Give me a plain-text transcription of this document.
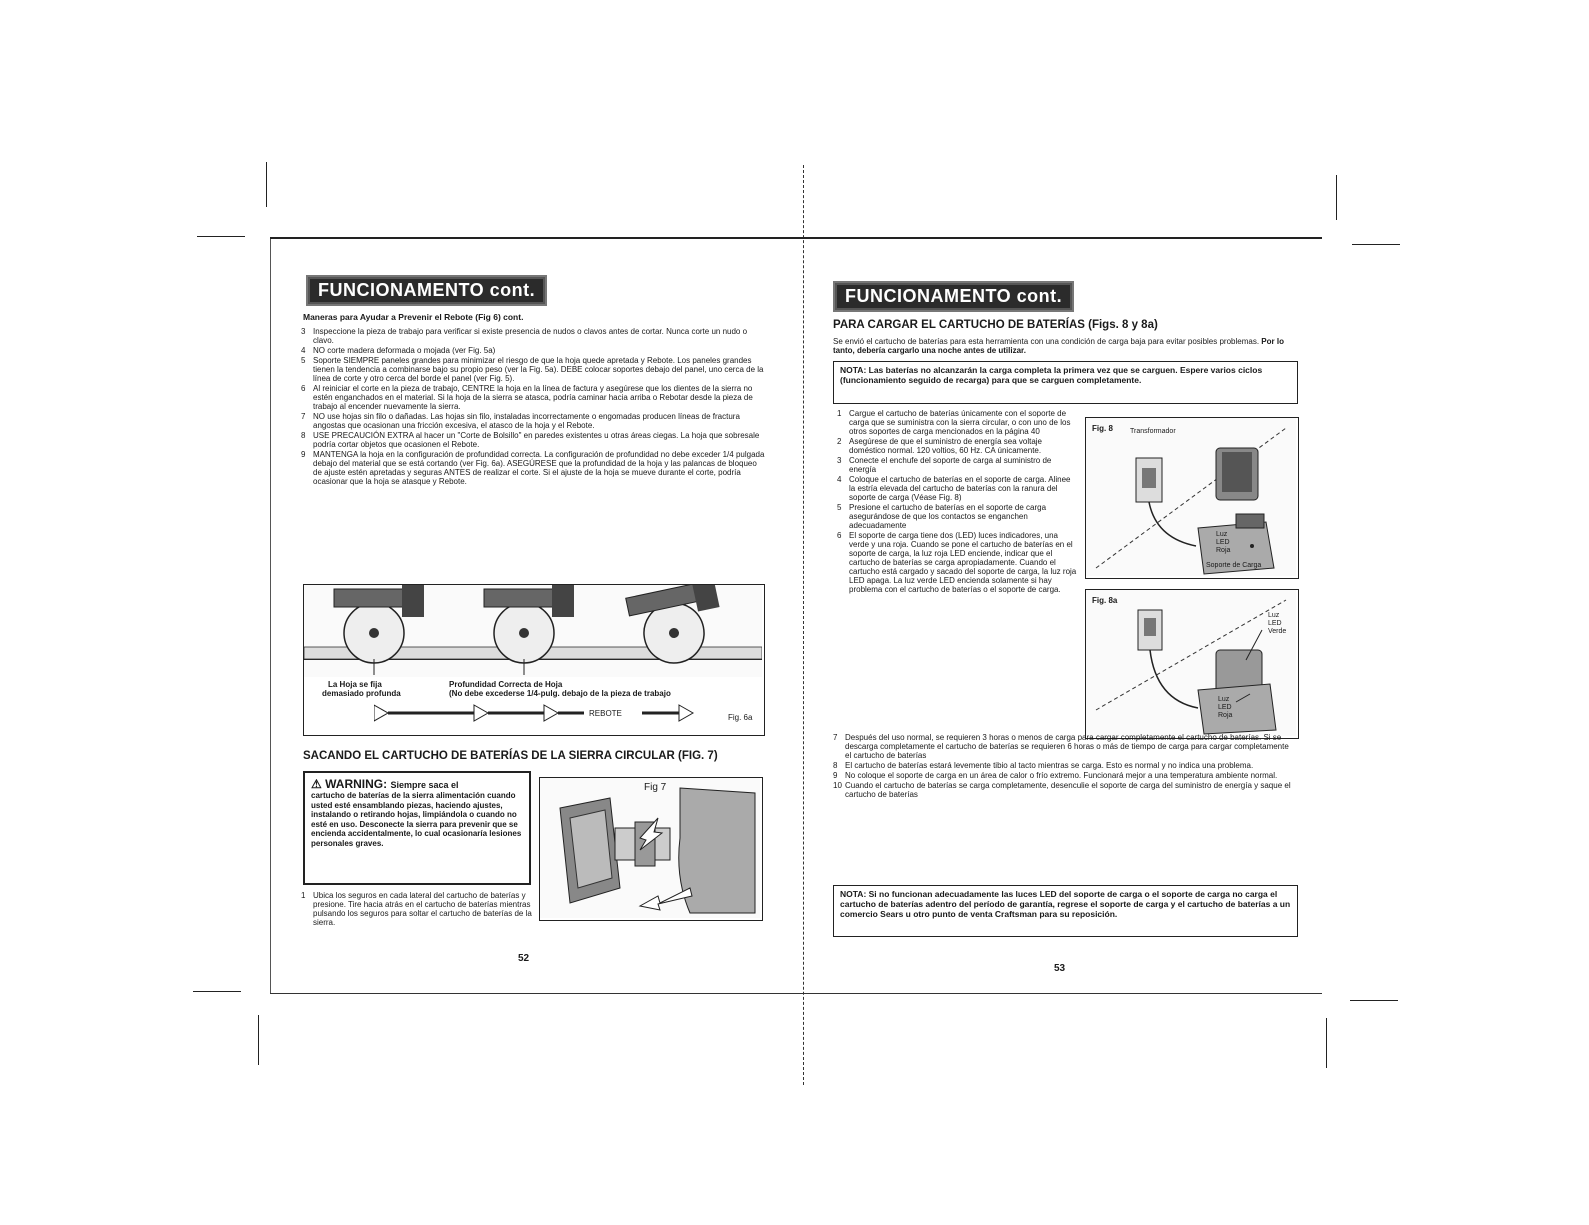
FUNCIONAMENTO cont.
Maneras para Ayudar a Prevenir el Rebote (Fig 6) cont.
3 Inspeccione la pieza de trabajo para verificar si existe presencia de nudos o clavos antes de cortar. Nunca corte un nudo o clavo.
4 NO corte madera deformada o mojada (ver Fig. 5a)
5 Soporte SIEMPRE paneles grandes para minimizar el riesgo de que la hoja quede apretada y Rebote. Los paneles grandes tienen la tendencia a combinarse bajo su propio peso (ver la Fig. 5a). DEBE colocar soportes debajo del panel, uno cerca de la línea de corte y otro cerca del borde el panel (ver Fig. 5).
6 Al reiniciar el corte en la pieza de trabajo, CENTRE la hoja en la línea de factura y asegúrese que los dientes de la sierra no estén enganchados en el material. Si la hoja de la sierra se atasca, podría caminar hacia arriba o Rebotar desde la pieza de trabajo al encender nuevamente la sierra.
7 NO use hojas sin filo o dañadas. Las hojas sin filo, instaladas incorrectamente o engomadas producen líneas de fractura angostas que ocasionan una fricción excesiva, el atasco de la hoja y el Rebote.
8 USE PRECAUCIÓN EXTRA al hacer un "Corte de Bolsillo" en paredes existentes u otras áreas ciegas. La hoja que sobresale podría cortar objetos que ocasionen el Rebote.
9 MANTENGA la hoja en la configuración de profundidad correcta. La configuración de profundidad no debe exceder 1/4 pulgada debajo del material que se está cortando (ver Fig. 6a). ASEGÚRESE que la profundidad de la hoja y las palancas de bloqueo de ajuste estén apretadas y seguras ANTES de realizar el corte. Si el ajuste de la hoja se mueve durante el corte, podría ocasionar que la hoja se atasque y Rebote.
La Hoja se fija
demasiado profunda
Profundidad Correcta de Hoja
(No debe excederse 1/4-pulg. debajo de la pieza de trabajo
REBOTE	Fig. 6a
SACANDO EL CARTUCHO DE BATERÍAS DE LA SIERRA CIRCULAR (FIG. 7)
⚠ WARNING: Siempre saca el
cartucho de baterías de la sierra alimentación cuando usted esté ensamblando piezas, haciendo ajustes, instalando o retirando hojas, limpiándola o cuando no esté en uso. Desconecte la sierra para prevenir que se encienda accidentalmente, lo cual ocasionaría lesiones personales graves.
Fig 7
1 Ubica los seguros en cada lateral del cartucho de baterías y presione. Tire hacia atrás en el cartucho de baterías mientras pulsando los seguros para soltar el cartucho de baterías de la sierra.
52
FUNCIONAMENTO cont.
PARA CARGAR EL CARTUCHO DE BATERÍAS (Figs. 8 y 8a)
Se envió el cartucho de baterías para esta herramienta con una condición de carga baja para evitar posibles problemas. Por lo tanto, debería cargarlo una noche antes de utilizar.
NOTA: Las baterías no alcanzarán la carga completa la primera vez que se carguen. Espere varios ciclos (funcionamiento seguido de recarga) para que se carguen completamente.
1 Cargue el cartucho de baterías únicamente con el soporte de carga que se suministra con la sierra circular, o con uno de los otros soportes de carga mencionados en la página 40
2 Asegúrese de que el suministro de energía sea voltaje doméstico normal. 120 voltios, 60 Hz. CA únicamente.
3 Conecte el enchufe del soporte de carga al suministro de energía
4 Coloque el cartucho de baterías en el soporte de carga. Alinee la estría elevada del cartucho de baterías con la ranura del soporte de carga (Véase Fig. 8)
5 Presione el cartucho de baterías en el soporte de carga asegurándose de que los contactos se enganchen adecuadamente
6 El soporte de carga tiene dos (LED) luces indicadores, una verde y una roja. Cuando se pone el cartucho de baterías en el soporte de carga, la luz roja LED enciende, indicar que el cartucho de baterías se carga apropiadamente. Cuando el cartucho está cargado y sacado del soporte de carga, la luz roja LED apaga. La luz verde LED encienda solamente si hay problema con el cartucho de baterías o el soporte de carga.
Fig. 8 Transformador
Luz
LED
Roja
Soporte de Carga
Fig. 8a
Luz
LED
Verde
Luz
LED
Roja
7 Después del uso normal, se requieren 3 horas o menos de carga para cargar completamente el cartucho de baterías. Si se descarga completamente el cartucho de baterías se requieren 6 horas o más de tiempo de carga para cargar completamente el cartucho de baterías
8 El cartucho de baterías estará levemente tibio al tacto mientras se carga. Esto es normal y no indica una problema.
9 No coloque el soporte de carga en un área de calor o frío extremo. Funcionará mejor a una temperatura ambiente normal.
10 Cuando el cartucho de baterías se carga completamente, desenculie el soporte de carga del suministro de energía y saque el cartucho de baterías
NOTA: Si no funcionan adecuadamente las luces LED del soporte de carga o el soporte de carga no carga el cartucho de baterías adentro del período de garantía, regrese el soporte de carga y el cartucho de baterías a un comercio Sears u otro punto de venta Craftsman para su reposición.
53
